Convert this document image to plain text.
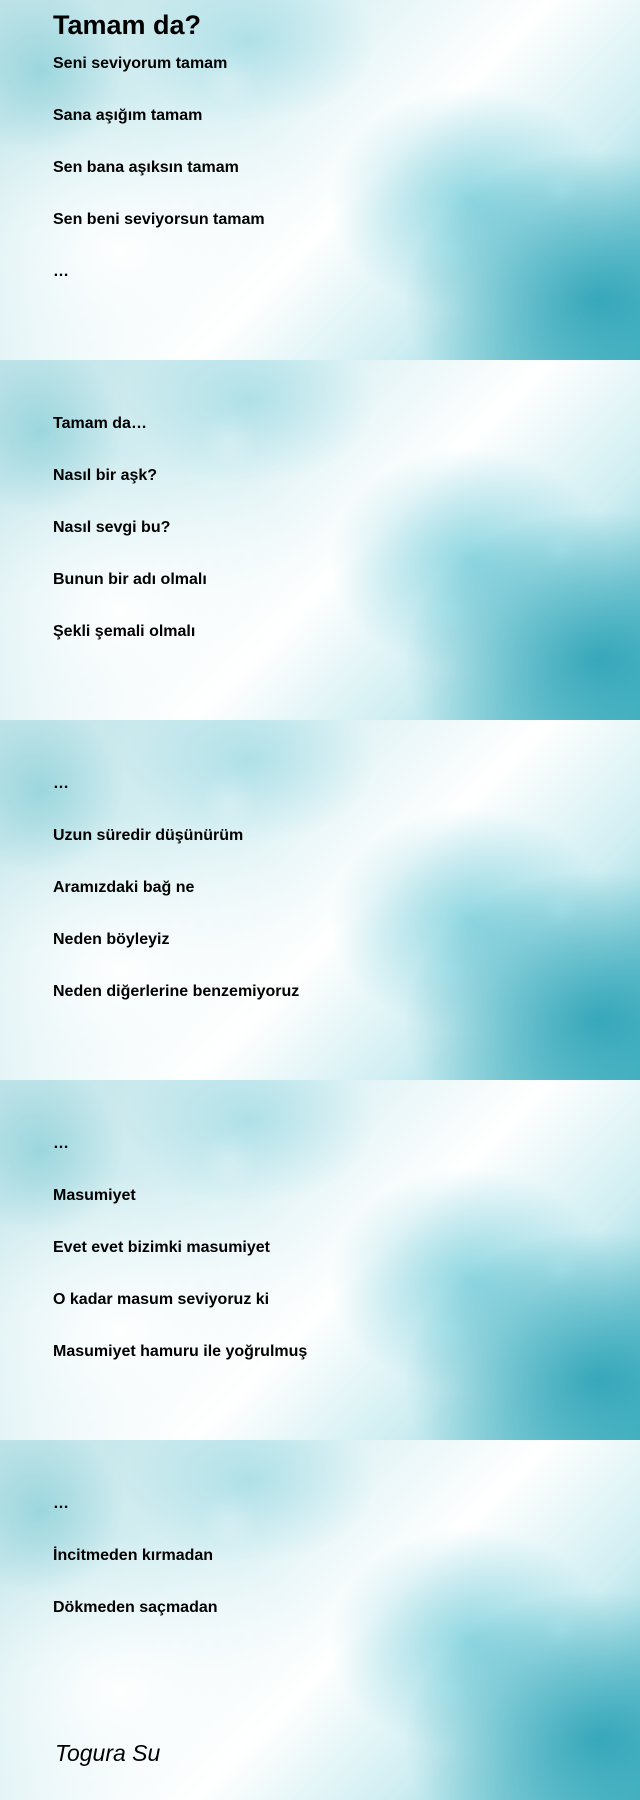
Tamam da?

Seni seviyorum tamam

Sana aşığım tamam

Sen bana aşıksın tamam

Sen beni seviyorsun tamam

…

Tamam da…

Nasıl bir aşk?

Nasıl sevgi bu?

Bunun bir adı olmalı

Şekli şemali olmalı

…

Uzun süredir düşünürüm

Aramızdaki bağ ne

Neden böyleyiz

Neden diğerlerine benzemiyoruz

…

Masumiyet

Evet evet bizimki masumiyet

O kadar masum seviyoruz ki

Masumiyet hamuru ile yoğrulmuş

…

İncitmeden kırmadan

Dökmeden saçmadan

Togura Su
